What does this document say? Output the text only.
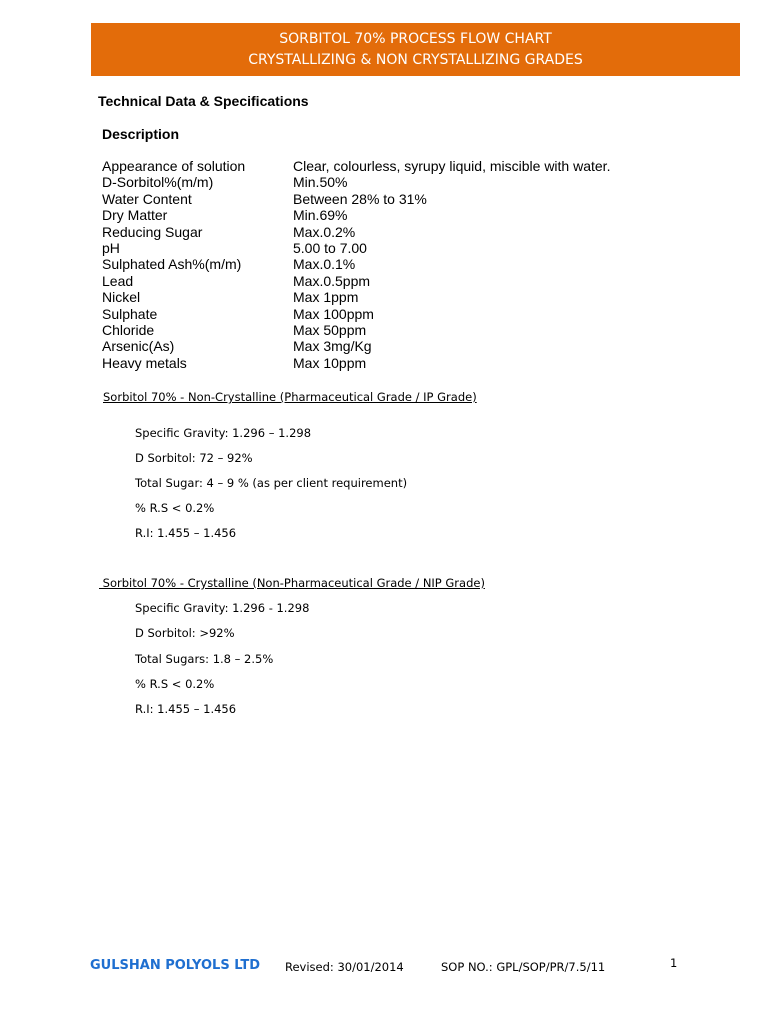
SORBITOL 70% PROCESS FLOW CHART
CRYSTALLIZING & NON CRYSTALLIZING GRADES
Technical Data & Specifications
Description
Appearance of solution	Clear, colourless, syrupy liquid, miscible with water.
D-Sorbitol%(m/m)	Min.50%
Water Content	Between 28% to 31%
Dry Matter	Min.69%
Reducing Sugar	Max.0.2%
pH	5.00 to 7.00
Sulphated Ash%(m/m)	Max.0.1%
Lead	Max.0.5ppm
Nickel	Max 1ppm
Sulphate	Max 100ppm
Chloride	Max 50ppm
Arsenic(As)	Max 3mg/Kg
Heavy metals	Max 10ppm
Sorbitol 70% - Non-Crystalline (Pharmaceutical Grade / IP Grade)
Specific Gravity: 1.296 – 1.298
D Sorbitol: 72 – 92%
Total Sugar: 4 – 9 % (as per client requirement)
% R.S < 0.2%
R.I: 1.455 – 1.456
Sorbitol 70% - Crystalline (Non-Pharmaceutical Grade / NIP Grade)
Specific Gravity: 1.296 - 1.298
D Sorbitol: >92%
Total Sugars: 1.8 – 2.5%
% R.S < 0.2%
R.I: 1.455 – 1.456
GULSHAN POLYOLS LTD Revised: 30/01/2014	SOP NO.: GPL/SOP/PR/7.5/11	1
